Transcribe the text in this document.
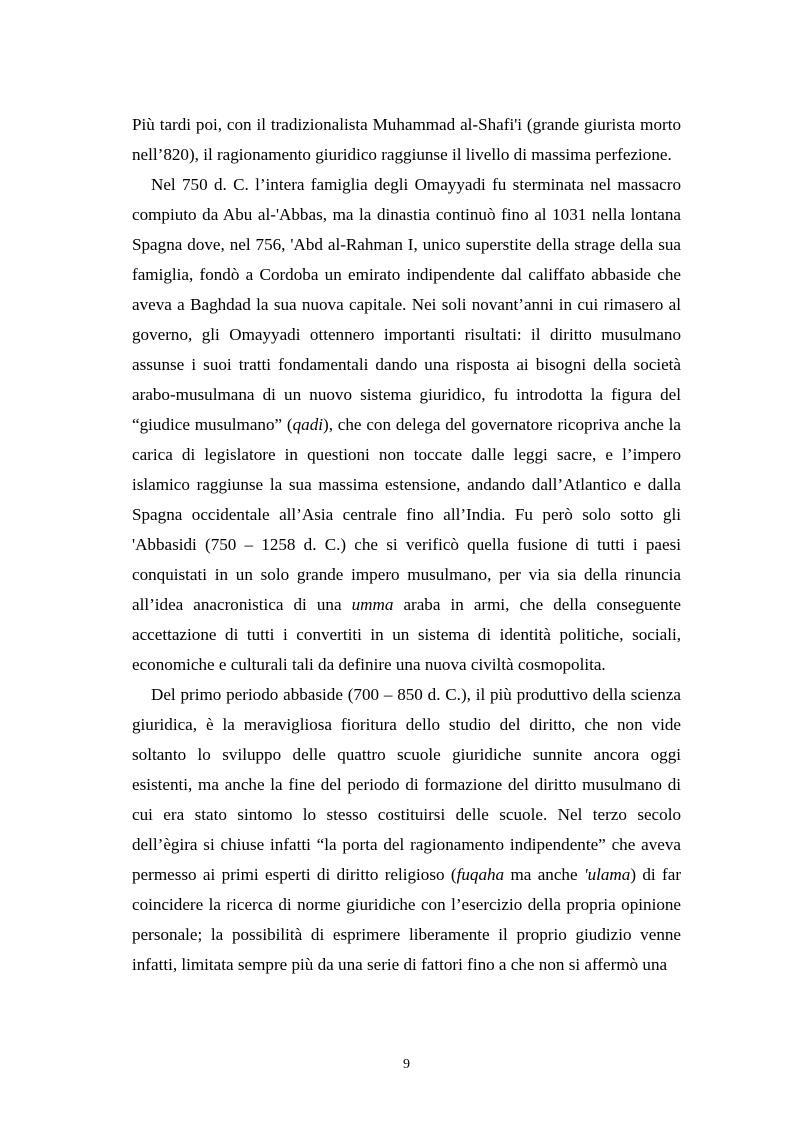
Più tardi poi, con il tradizionalista Muhammad al-Shafi'i (grande giurista morto nell’820), il ragionamento giuridico raggiunse il livello di massima perfezione.

Nel 750 d. C. l’intera famiglia degli Omayyadi fu sterminata nel massacro compiuto da Abu al-'Abbas, ma la dinastia continuò fino al 1031 nella lontana Spagna dove, nel 756, 'Abd al-Rahman I, unico superstite della strage della sua famiglia, fondò a Cordoba un emirato indipendente dal califfato abbaside che aveva a Baghdad la sua nuova capitale. Nei soli novant’anni in cui rimasero al governo, gli Omayyadi ottennero importanti risultati: il diritto musulmano assunse i suoi tratti fondamentali dando una risposta ai bisogni della società arabo-musulmana di un nuovo sistema giuridico, fu introdotta la figura del “giudice musulmano” (qadi), che con delega del governatore ricopriva anche la carica di legislatore in questioni non toccate dalle leggi sacre, e l’impero islamico raggiunse la sua massima estensione, andando dall’Atlantico e dalla Spagna occidentale all’Asia centrale fino all’India. Fu però solo sotto gli 'Abbasidi (750 – 1258 d. C.) che si verificò quella fusione di tutti i paesi conquistati in un solo grande impero musulmano, per via sia della rinuncia all’idea anacronistica di una umma araba in armi, che della conseguente accettazione di tutti i convertiti in un sistema di identità politiche, sociali, economiche e culturali tali da definire una nuova civiltà cosmopolita.

Del primo periodo abbaside (700 – 850 d. C.), il più produttivo della scienza giuridica, è la meravigliosa fioritura dello studio del diritto, che non vide soltanto lo sviluppo delle quattro scuole giuridiche sunnite ancora oggi esistenti, ma anche la fine del periodo di formazione del diritto musulmano di cui era stato sintomo lo stesso costituirsi delle scuole. Nel terzo secolo dell’ègira si chiuse infatti “la porta del ragionamento indipendente” che aveva permesso ai primi esperti di diritto religioso (fuqaha ma anche 'ulama) di far coincidere la ricerca di norme giuridiche con l’esercizio della propria opinione personale; la possibilità di esprimere liberamente il proprio giudizio venne infatti, limitata sempre più da una serie di fattori fino a che non si affermò una

9
